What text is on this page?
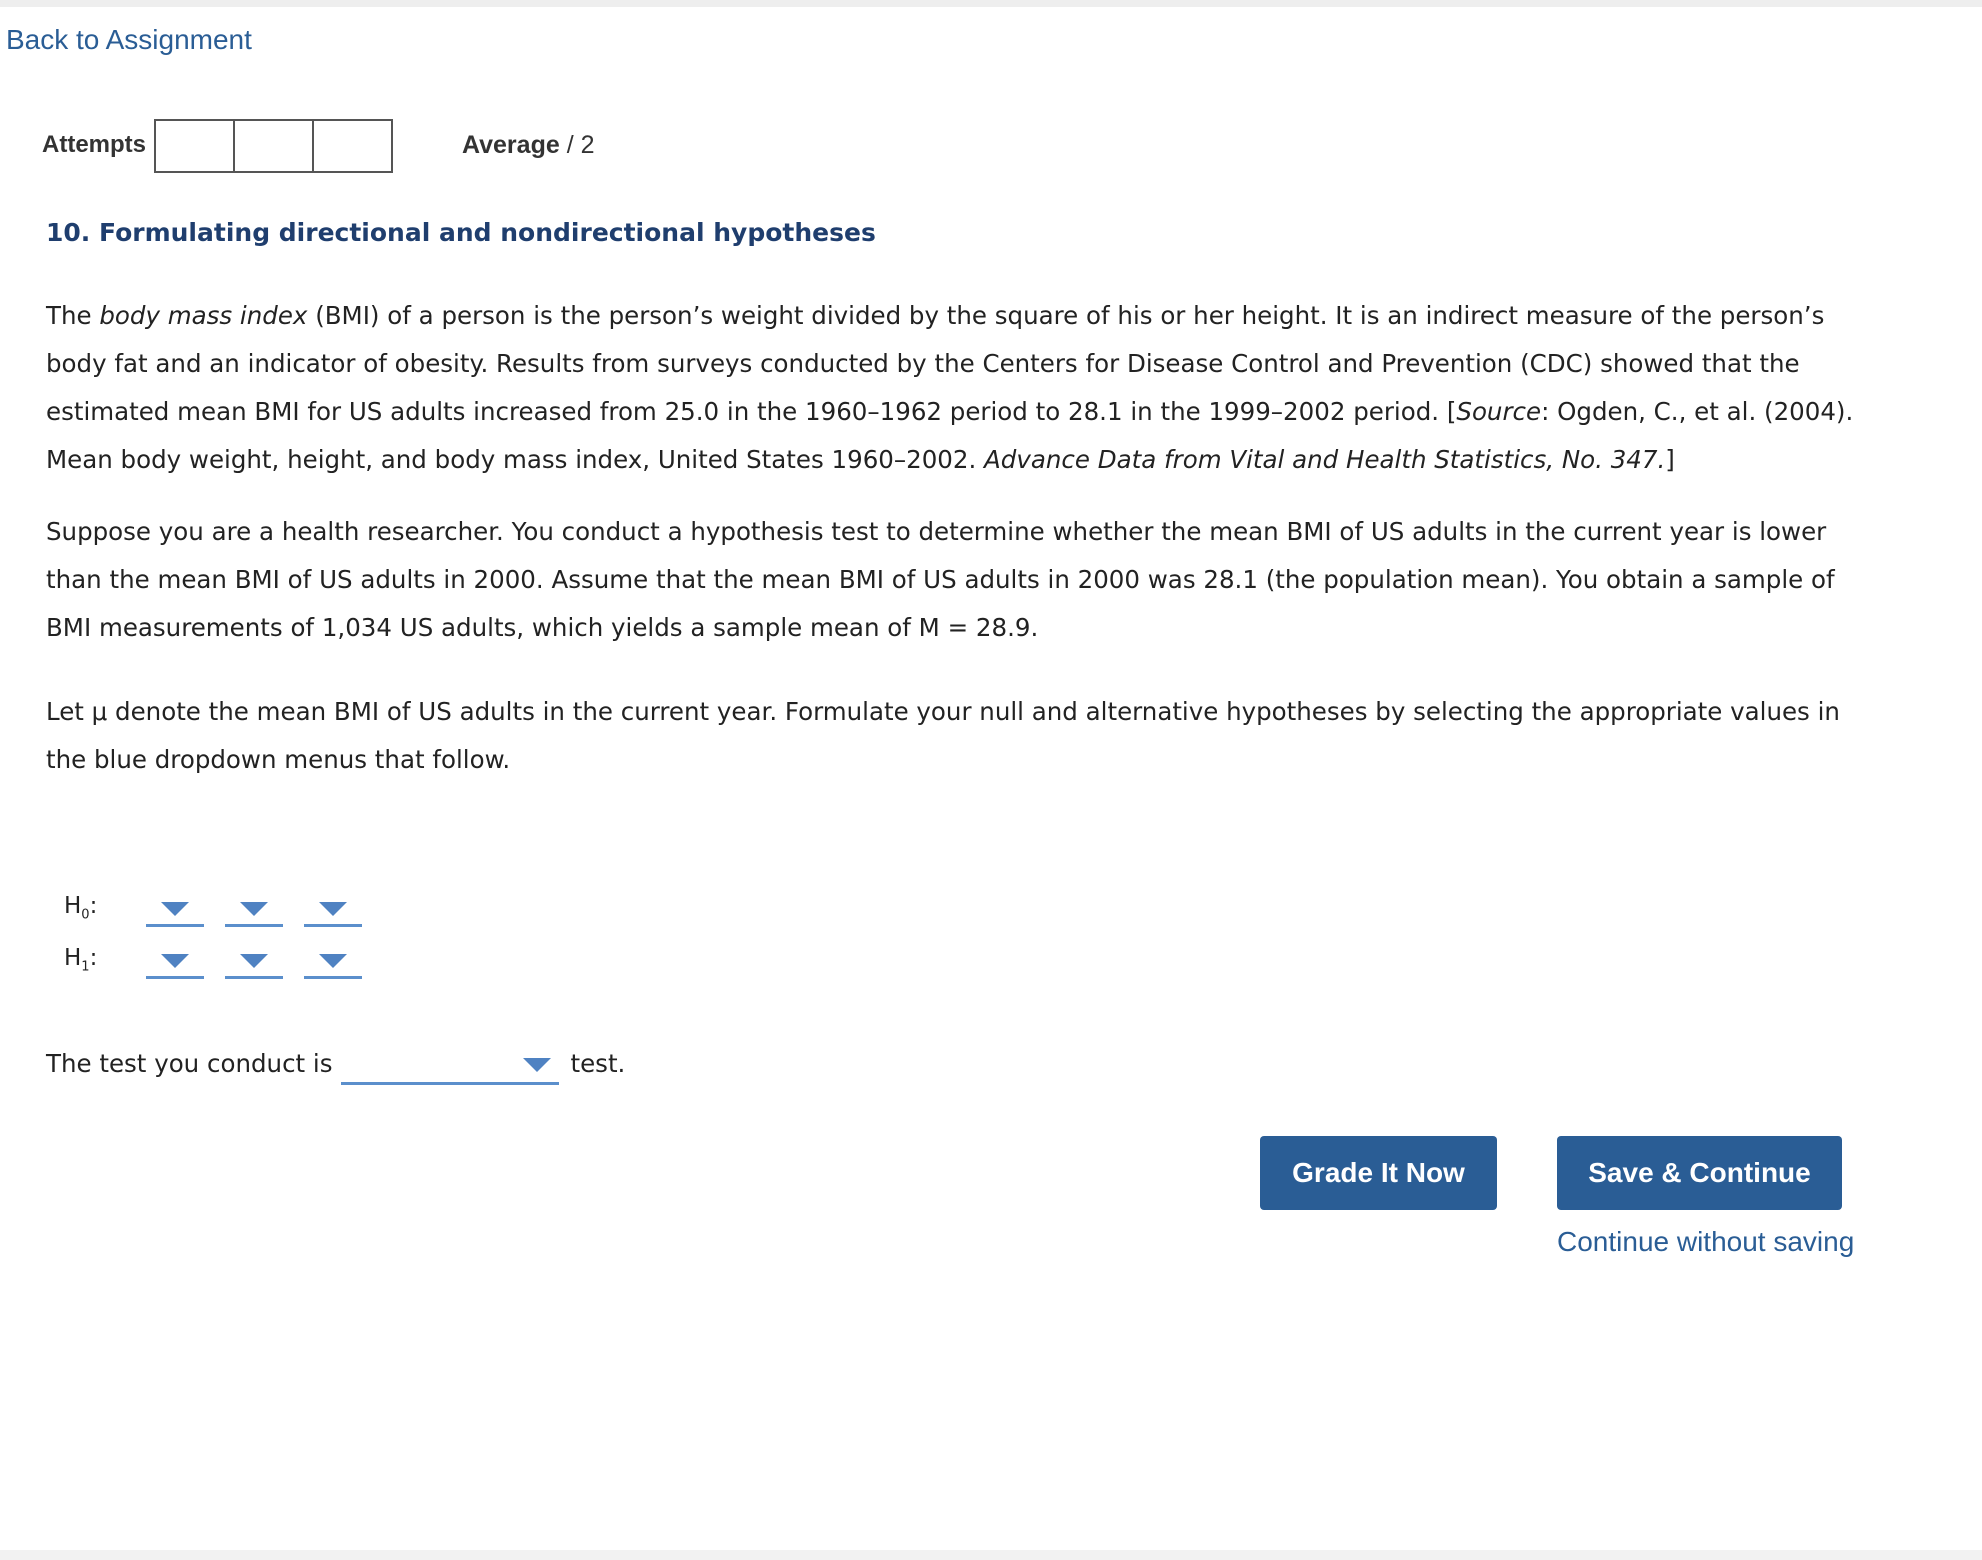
Back to Assignment
Attempts	Average / 2
10. Formulating directional and nondirectional hypotheses
The body mass index (BMI) of a person is the person’s weight divided by the square of his or her height. It is an indirect measure of the person’s body fat and an indicator of obesity. Results from surveys conducted by the Centers for Disease Control and Prevention (CDC) showed that the estimated mean BMI for US adults increased from 25.0 in the 1960–1962 period to 28.1 in the 1999–2002 period. [Source: Ogden, C., et al. (2004). Mean body weight, height, and body mass index, United States 1960–2002. Advance Data from Vital and Health Statistics, No. 347.]
Suppose you are a health researcher. You conduct a hypothesis test to determine whether the mean BMI of US adults in the current year is lower than the mean BMI of US adults in 2000. Assume that the mean BMI of US adults in 2000 was 28.1 (the population mean). You obtain a sample of BMI measurements of 1,034 US adults, which yields a sample mean of M = 28.9.
Let μ denote the mean BMI of US adults in the current year. Formulate your null and alternative hypotheses by selecting the appropriate values in the blue dropdown menus that follow.
$H_0$:
$H_1$:
The test you conduct is	test.
Grade It Now	Save & Continue
Continue without saving
